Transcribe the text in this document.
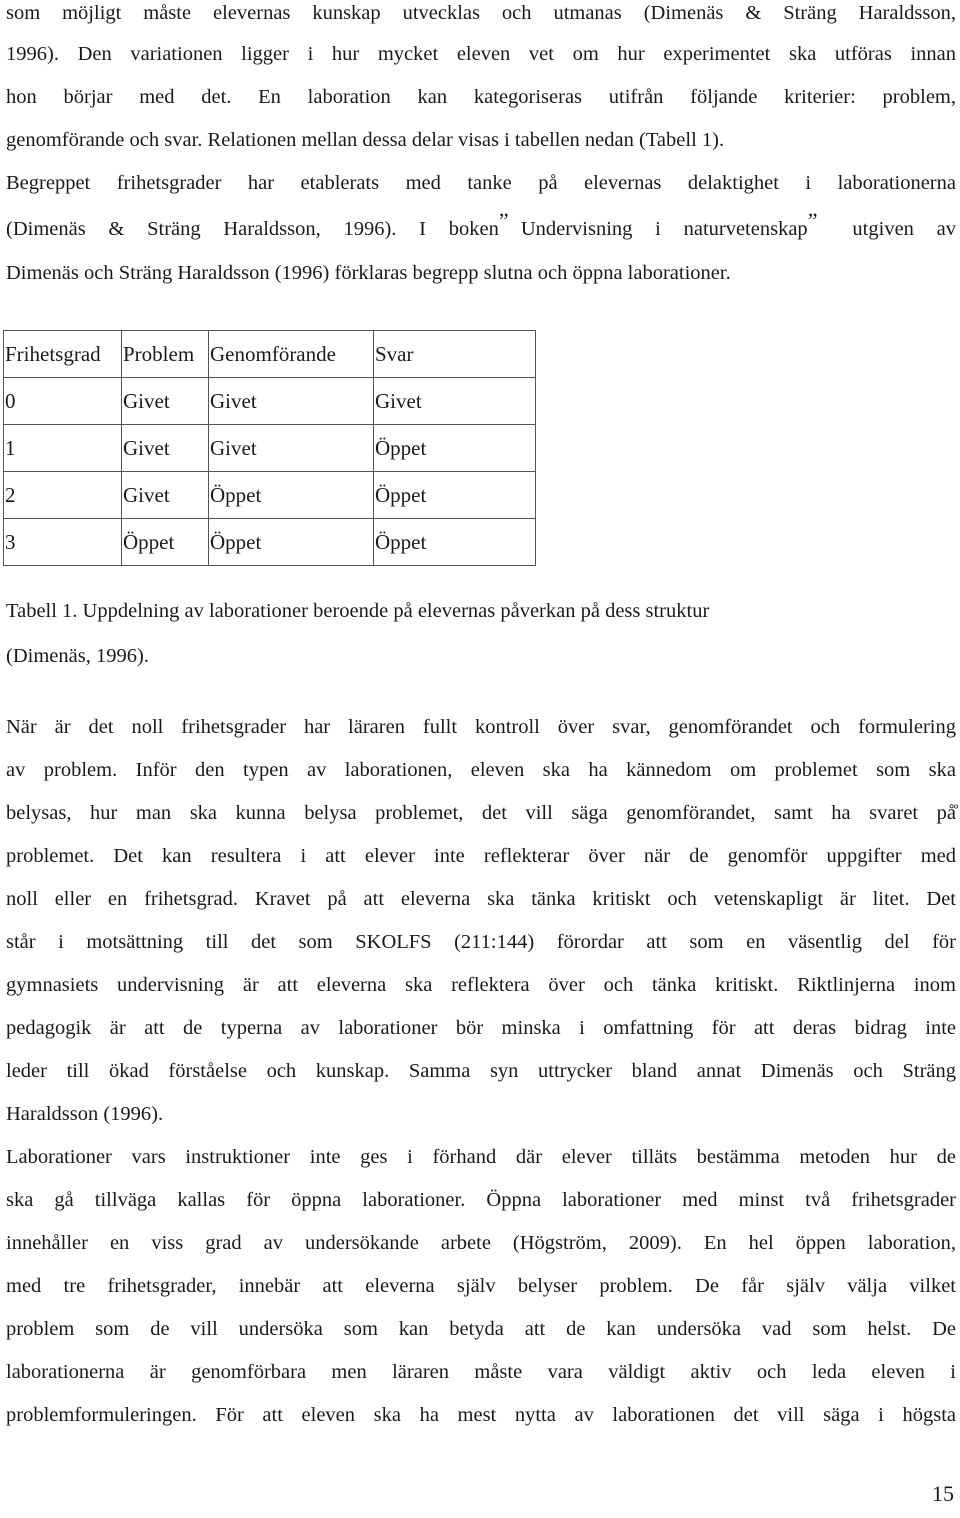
som möjligt måste elevernas kunskap utvecklas och utmanas (Dimenäs & Sträng Haraldsson,
1996). Den variationen ligger i hur mycket eleven vet om hur experimentet ska utföras innan
hon börjar med det. En laboration kan kategoriseras utifrån följande kriterier: problem,
genomförande och svar. Relationen mellan dessa delar visas i tabellen nedan (Tabell 1).
Begreppet frihetsgrader har etablerats med tanke på elevernas delaktighet i laborationerna
(Dimenäs & Sträng Haraldsson, 1996). I boken” Undervisning i naturvetenskap” utgiven av
Dimenäs och Sträng Haraldsson (1996) förklaras begrepp slutna och öppna laborationer.
Frihetsgrad	Problem	Genomförande	Svar
0	Givet	Givet	Givet
1	Givet	Givet	Öppet
2	Givet	Öppet	Öppet
3	Öppet	Öppet	Öppet
Tabell 1. Uppdelning av laborationer beroende på elevernas påverkan på dess struktur
(Dimenäs, 1996).
När är det noll frihetsgrader har läraren fullt kontroll över svar, genomförandet och formulering
av problem. Inför den typen av laborationen, eleven ska ha kännedom om problemet som ska
belysas, hur man ska kunna belysa problemet, det vill säga genomförandet, samt ha svaret på̊
problemet. Det kan resultera i att elever inte reflekterar över när de genomför uppgifter med
noll eller en frihetsgrad. Kravet på att eleverna ska tänka kritiskt och vetenskapligt är litet. Det
står i motsättning till det som SKOLFS (211:144) förordar att som en väsentlig del för
gymnasiets undervisning är att eleverna ska reflektera över och tänka kritiskt. Riktlinjerna inom
pedagogik är att de typerna av laborationer bör minska i omfattning för att deras bidrag inte
leder till ökad förståelse och kunskap. Samma syn uttrycker bland annat Dimenäs och Sträng
Haraldsson (1996).
Laborationer vars instruktioner inte ges i förhand där elever tilläts bestämma metoden hur de
ska gå tillväga kallas för öppna laborationer. Öppna laborationer med minst två frihetsgrader
innehåller en viss grad av undersökande arbete (Högström, 2009). En hel öppen laboration,
med tre frihetsgrader, innebär att eleverna själv belyser problem. De får själv välja vilket
problem som de vill undersöka som kan betyda att de kan undersöka vad som helst. De
laborationerna är genomförbara men läraren måste vara väldigt aktiv och leda eleven i
problemformuleringen. För att eleven ska ha mest nytta av laborationen det vill säga i högsta
15
